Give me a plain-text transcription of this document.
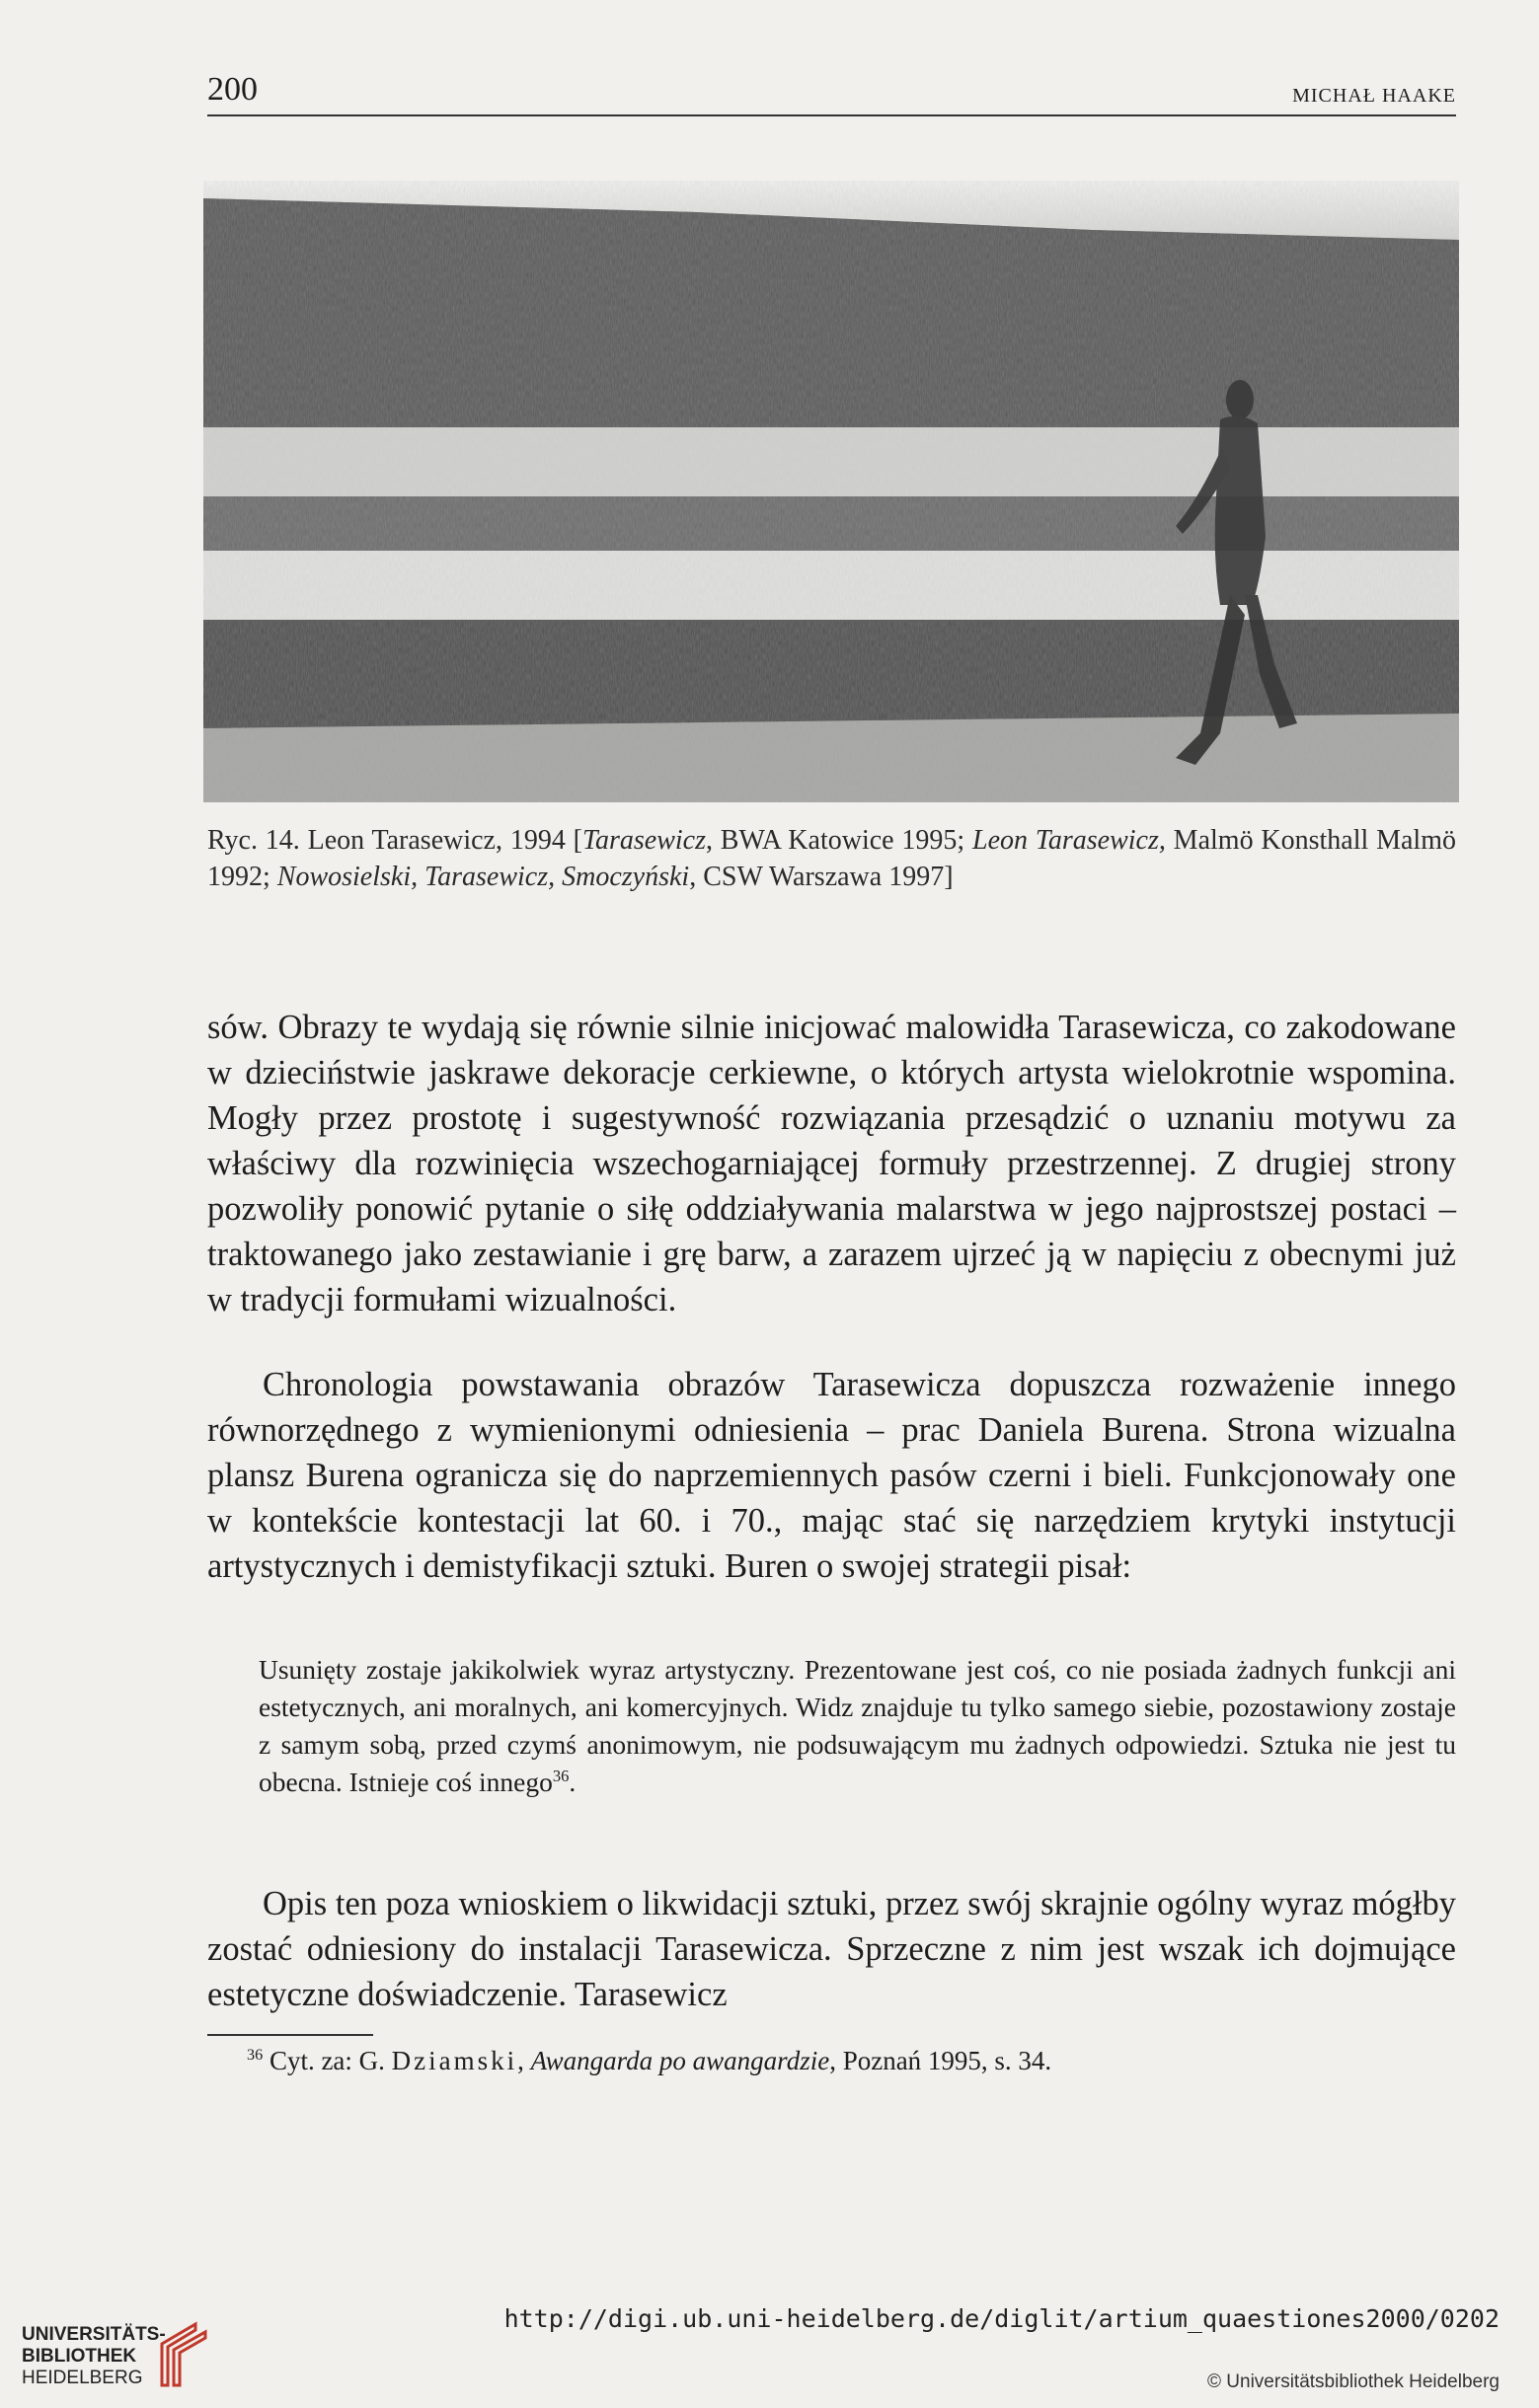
200	MICHAŁ HAAKE
Ryc. 14. Leon Tarasewicz, 1994 [Tarasewicz, BWA Katowice 1995; Leon Tarasewicz, Malmö Konsthall Malmö 1992; Nowosielski, Tarasewicz, Smoczyński, CSW Warszawa 1997]

sów. Obrazy te wydają się równie silnie inicjować malowidła Tarasewicza, co zakodowane w dzieciństwie jaskrawe dekoracje cerkiewne, o których artysta wielokrotnie wspomina. Mogły przez prostotę i sugestywność rozwiązania przesądzić o uznaniu motywu za właściwy dla rozwinięcia wszechogarniającej formuły przestrzennej. Z drugiej strony pozwoliły ponowić pytanie o siłę oddziaływania malarstwa w jego najprostszej postaci – traktowanego jako zestawianie i grę barw, a zarazem ujrzeć ją w napięciu z obecnymi już w tradycji formułami wizualności.

Chronologia powstawania obrazów Tarasewicza dopuszcza rozważenie innego równorzędnego z wymienionymi odniesienia – prac Daniela Burena. Strona wizualna plansz Burena ogranicza się do naprzemiennych pasów czerni i bieli. Funkcjonowały one w kontekście kontestacji lat 60. i 70., mając stać się narzędziem krytyki instytucji artystycznych i demistyfikacji sztuki. Buren o swojej strategii pisał:

Usunięty zostaje jakikolwiek wyraz artystyczny. Prezentowane jest coś, co nie posiada żadnych funkcji ani estetycznych, ani moralnych, ani komercyjnych. Widz znajduje tu tylko samego siebie, pozostawiony zostaje z samym sobą, przed czymś anonimowym, nie podsuwającym mu żadnych odpowiedzi. Sztuka nie jest tu obecna. Istnieje coś innego$^{36}$.

Opis ten poza wnioskiem o likwidacji sztuki, przez swój skrajnie ogólny wyraz mógłby zostać odniesiony do instalacji Tarasewicza. Sprzeczne z nim jest wszak ich dojmujące estetyczne doświadczenie. Tarasewicz

$^{36}$ Cyt. za: G. Dziamski, Awangarda po awangardzie, Poznań 1995, s. 34.
UNIVERSITÄTS-
BIBLIOTHEK
HEIDELBERG
http://digi.ub.uni-heidelberg.de/diglit/artium_quaestiones2000/0202
© Universitätsbibliothek Heidelberg
